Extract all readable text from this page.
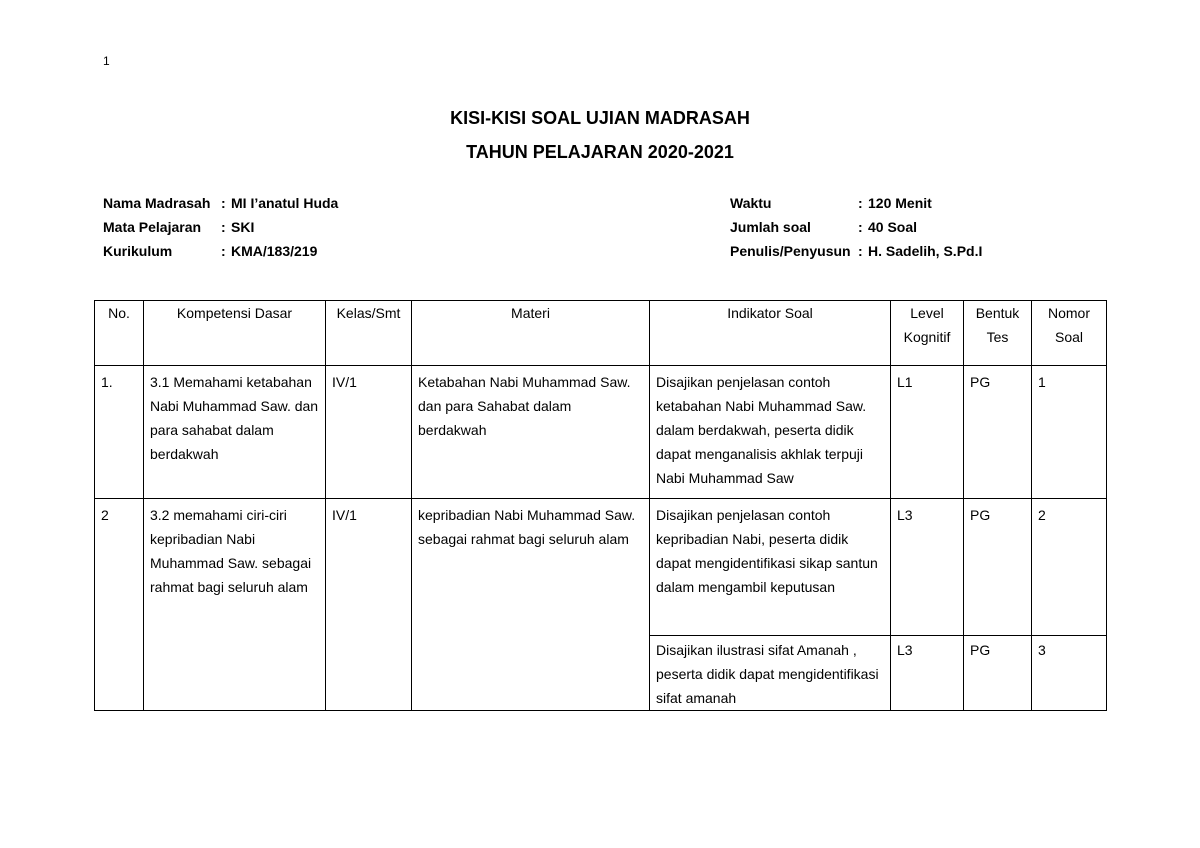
1
KISI-KISI SOAL UJIAN MADRASAH
TAHUN PELAJARAN 2020-2021
Nama Madrasah : MI I’anatul Huda
Mata Pelajaran	: SKI
Kurikulum	: KMA/183/219
Waktu	: 120 Menit
Jumlah soal	: 40 Soal
Penulis/Penyusun : H. Sadelih, S.Pd.I
No.	Kompetensi Dasar	Kelas/Smt	Materi	Indikator Soal	Level Kognitif	Bentuk Tes	Nomor Soal
1.	3.1 Memahami ketabahan Nabi Muhammad Saw. dan para sahabat dalam berdakwah	IV/1	Ketabahan Nabi Muhammad Saw. dan para Sahabat dalam berdakwah	Disajikan penjelasan contoh ketabahan Nabi Muhammad Saw. dalam berdakwah, peserta didik dapat menganalisis akhlak terpuji Nabi Muhammad Saw	L1	PG	1
2	3.2 memahami ciri-ciri kepribadian Nabi Muhammad Saw. sebagai rahmat bagi seluruh alam	IV/1	kepribadian Nabi Muhammad Saw. sebagai rahmat bagi seluruh alam	Disajikan penjelasan contoh kepribadian Nabi, peserta didik dapat mengidentifikasi sikap santun dalam mengambil keputusan	L3	PG	2
				Disajikan ilustrasi sifat Amanah , peserta didik dapat mengidentifikasi sifat amanah	L3	PG	3
